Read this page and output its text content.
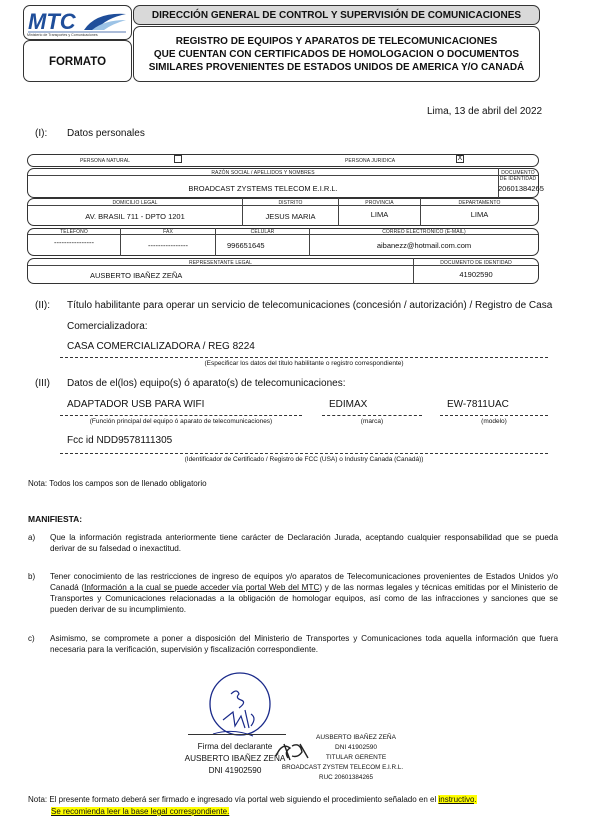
MTC
Ministerio de Transportes y Comunicaciones
FORMATO
DIRECCIÓN GENERAL DE CONTROL Y SUPERVISIÓN DE COMUNICACIONES
REGISTRO DE EQUIPOS Y APARATOS DE TELECOMUNICACIONES
QUE CUENTAN CON CERTIFICADOS DE HOMOLOGACION O DOCUMENTOS
SIMILARES PROVENIENTES DE ESTADOS UNIDOS DE AMERICA Y/O CANADÁ
Lima, 13 de abril del 2022
(I): Datos personales
PERSONA NATURAL	PERSONA JURIDICA	X
RAZÓN SOCIAL / APELLIDOS Y NOMBRES
BROADCAST ZYSTEMS TELECOM E.I.R.L.
DOCUMENTO DE IDENTIDAD
20601384265
DOMICILIO LEGAL
AV. BRASIL 711 - DPTO 1201
DISTRITO
JESUS MARIA
PROVINCIA
LIMA
DEPARTAMENTO
LIMA
TELÉFONO
----------------
FAX
----------------
CELULAR
996651645
CORREO ELECTRÓNICO (E-MAIL)
aibanezz@hotmail.com.com
REPRESENTANTE LEGAL
AUSBERTO IBAÑEZ ZEÑA
DOCUMENTO DE IDENTIDAD
41902590
(II): Título habilitante para operar un servicio de telecomunicaciones (concesión / autorización) / Registro de Casa
Comercializadora:
CASA COMERCIALIZADORA / REG 8224
(Especificar los datos del título habilitante o registro correspondiente)
(III) Datos de el(los) equipo(s) ó aparato(s) de telecomunicaciones:
ADAPTADOR USB PARA WIFI	EDIMAX	EW-7811UAC
(Función principal del equipo ó aparato de telecomunicaciones)	(marca)	(modelo)
Fcc id NDD9578111305
(Identificador de Certificado / Registro de FCC (USA) o Industry Canada (Canadá))
Nota: Todos los campos son de llenado obligatorio
MANIFIESTA:
a) Que la información registrada anteriormente tiene carácter de Declaración Jurada, aceptando cualquier responsabilidad que se pueda derivar de su falsedad o inexactitud.
b) Tener conocimiento de las restricciones de ingreso de equipos y/o aparatos de Telecomunicaciones provenientes de Estados Unidos y/o Canadá (Información a la cual se puede acceder vía portal Web del MTC) y de las normas legales y técnicas emitidas por el Ministerio de Transportes y Comunicaciones relacionadas a la obligación de homologar equipos, así como de las infracciones y sanciones que se pueden derivar de su incumplimiento.
c) Asimismo, se compromete a poner a disposición del Ministerio de Transportes y Comunicaciones toda aquella información que fuera necesaria para la verificación, supervisión y fiscalización correspondiente.
Firma del declarante
AUSBERTO IBAÑEZ ZEÑA
DNI 41902590
AUSBERTO IBAÑEZ ZEÑA
DNI 41902590
TITULAR GERENTE
BROADCAST ZYSTEM TELECOM E.I.R.L.
RUC 20601384265
Nota: El presente formato deberá ser firmado e ingresado vía portal web siguiendo el procedimiento señalado en el instructivo.
Se recomienda leer la base legal correspondiente.
